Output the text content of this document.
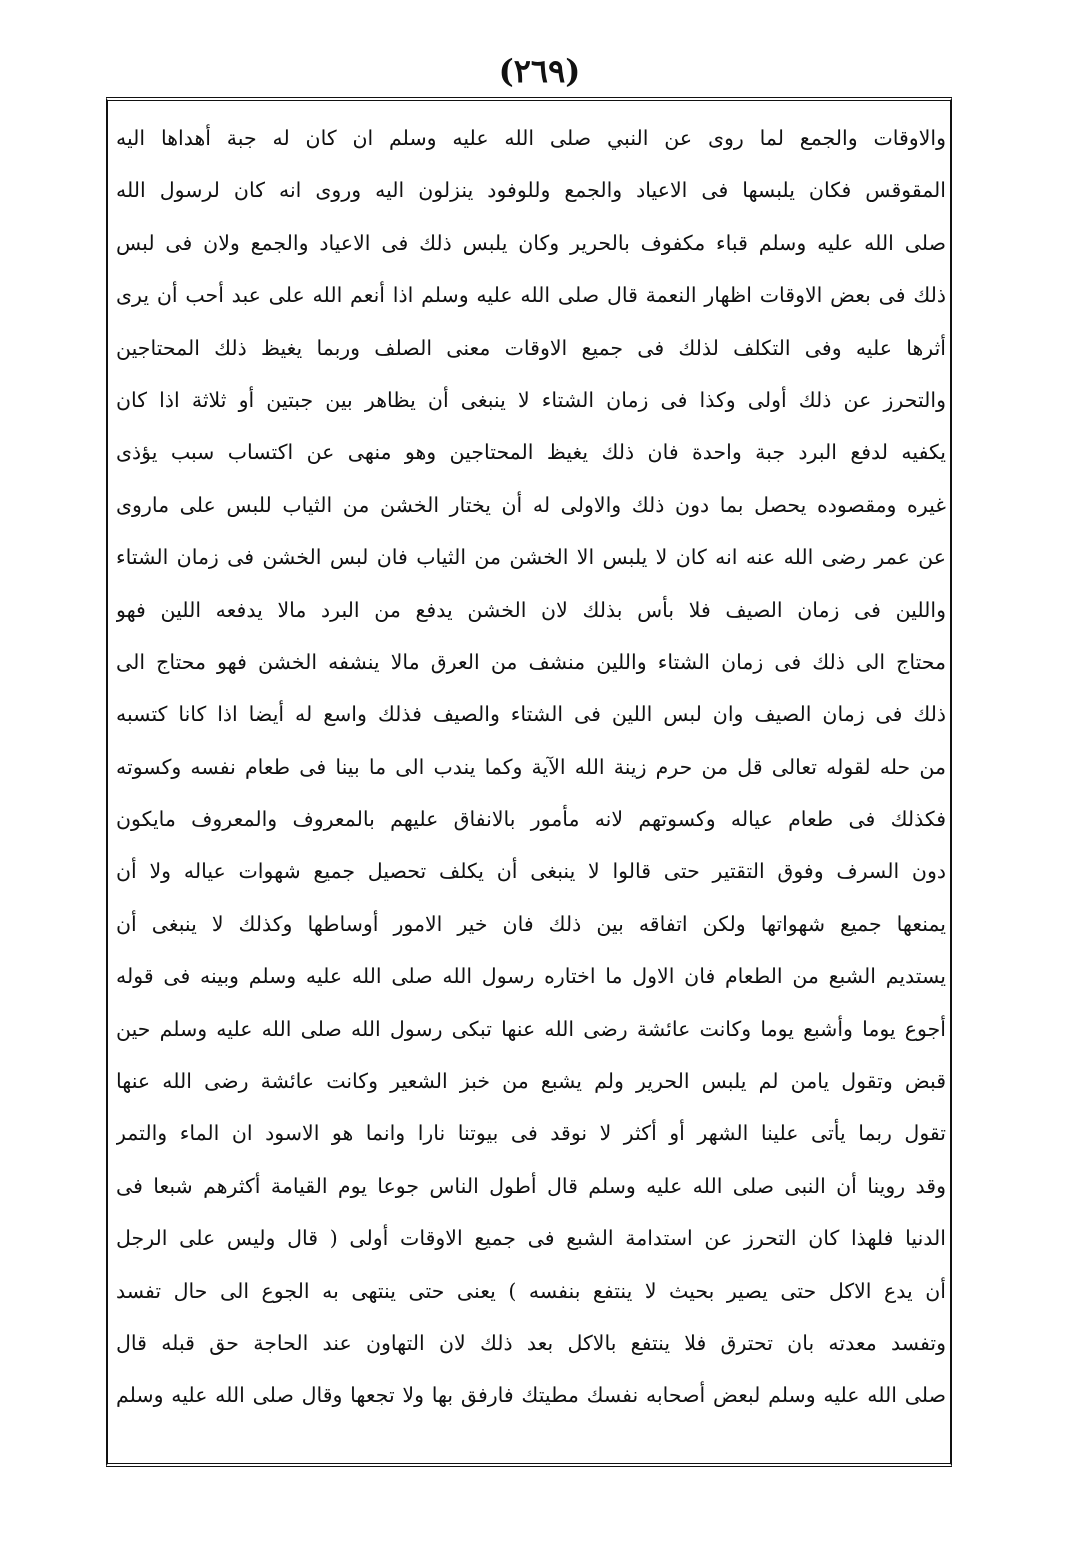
(٢٦٩)
والاوقات والجمع لما روى عن النبي صلى الله عليه وسلم ان كان له جبة أهداها اليه
المقوقس فكان يلبسها فى الاعياد والجمع وللوفود ينزلون اليه وروى انه كان لرسول الله
صلى الله عليه وسلم قباء مكفوف بالحرير وكان يلبس ذلك فى الاعياد والجمع ولان فى لبس
ذلك فى بعض الاوقات اظهار النعمة قال صلى الله عليه وسلم اذا أنعم الله على عبد أحب أن يرى
أثرها عليه وفى التكلف لذلك فى جميع الاوقات معنى الصلف وربما يغيظ ذلك المحتاجين
والتحرز عن ذلك أولى وكذا فى زمان الشتاء لا ينبغى أن يظاهر بين جبتين أو ثلاثة اذا كان
يكفيه لدفع البرد جبة واحدة فان ذلك يغيظ المحتاجين وهو منهى عن اكتساب سبب يؤذى
غيره ومقصوده يحصل بما دون ذلك والاولى له أن يختار الخشن من الثياب للبس على ماروى
عن عمر رضى الله عنه انه كان لا يلبس الا الخشن من الثياب فان لبس الخشن فى زمان الشتاء
واللين فى زمان الصيف فلا بأس بذلك لان الخشن يدفع من البرد مالا يدفعه اللين فهو
محتاج الى ذلك فى زمان الشتاء واللين منشف من العرق مالا ينشفه الخشن فهو محتاج الى
ذلك فى زمان الصيف وان لبس اللين فى الشتاء والصيف فذلك واسع له أيضا اذا كانا كتسبه
من حله لقوله تعالى قل من حرم زينة الله الآية وكما يندب الى ما بينا فى طعام نفسه وكسوته
فكذلك فى طعام عياله وكسوتهم لانه مأمور بالانفاق عليهم بالمعروف والمعروف مايكون
دون السرف وفوق التقتير حتى قالوا لا ينبغى أن يكلف تحصيل جميع شهوات عياله ولا أن
يمنعها جميع شهواتها ولكن اتفاقه بين ذلك فان خير الامور أوساطها وكذلك لا ينبغى أن
يستديم الشبع من الطعام فان الاول ما اختاره رسول الله صلى الله عليه وسلم وبينه فى قوله
أجوع يوما وأشبع يوما وكانت عائشة رضى الله عنها تبكى رسول الله صلى الله عليه وسلم حين
قبض وتقول يامن لم يلبس الحرير ولم يشبع من خبز الشعير وكانت عائشة رضى الله عنها
تقول ربما يأتى علينا الشهر أو أكثر لا نوقد فى بيوتنا نارا وانما هو الاسود ان الماء والتمر
وقد روينا أن النبى صلى الله عليه وسلم قال أطول الناس جوعا يوم القيامة أكثرهم شبعا فى
الدنيا فلهذا كان التحرز عن استدامة الشبع فى جميع الاوقات أولى ( قال وليس على الرجل
أن يدع الاكل حتى يصير بحيث لا ينتفع بنفسه ) يعنى حتى ينتهى به الجوع الى حال تفسد
وتفسد معدته بان تحترق فلا ينتفع بالاكل بعد ذلك لان التهاون عند الحاجة حق قبله قال
صلى الله عليه وسلم لبعض أصحابه نفسك مطيتك فارفق بها ولا تجعها وقال صلى الله عليه وسلم
